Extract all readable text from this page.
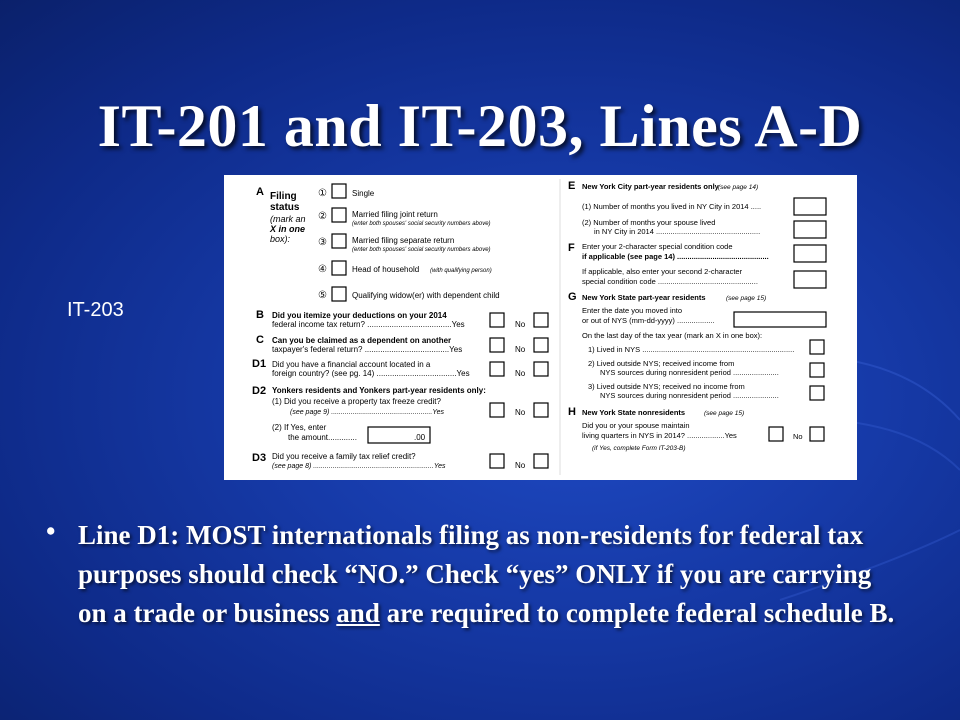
IT-201 and IT-203, Lines A-D
IT-203
A Filing
status
(mark an
X in one
box):
①	Single
②	Married filing joint return
(enter both spouses' social security numbers above)
③	Married filing separate return
(enter both spouses' social security numbers above)
④	Head of household (with qualifying person)
⑤	Qualifying widow(er) with dependent child
B Did you itemize your deductions on your 2014
federal income tax return? ......................................Yes	No
C Can you be claimed as a dependent on another
taxpayer's federal return? ......................................Yes	No
D1 Did you have a financial account located in a
foreign country? (see pg. 14) ....................................Yes	No
D2 Yonkers residents and Yonkers part-year residents only:
(1) Did you receive a property tax freeze credit?
(see page 9) ....................................................Yes	No
(2) If Yes, enter
the amount.............	.00
D3 Did you receive a family tax relief credit?
(see page 8) ..............................................................Yes	No
E New York City part-year residents only (see page 14)
(1) Number of months you lived in NY City in 2014 .....
(2) Number of months your spouse lived
in NY City in 2014 ..................................................
F Enter your 2-character special condition code
if applicable (see page 14) ............................................
If applicable, also enter your second 2-character
special condition code ................................................
G New York State part-year residents	(see page 15)
Enter the date you moved into
or out of NYS (mm-dd-yyyy) ..................
On the last day of the tax year (mark an X in one box):
1) Lived in NYS .........................................................................
2) Lived outside NYS; received income from
NYS sources during nonresident period ......................
3) Lived outside NYS; received no income from
NYS sources during nonresident period ......................
H New York State nonresidents	(see page 15)
Did you or your spouse maintain
living quarters in NYS in 2014? ..................Yes	No
(if Yes, complete Form IT-203-B)
• Line D1: MOST internationals filing as non-residents for federal tax purposes should check “NO.” Check “yes” ONLY if you are carrying on a trade or business and are required to complete federal schedule B.
